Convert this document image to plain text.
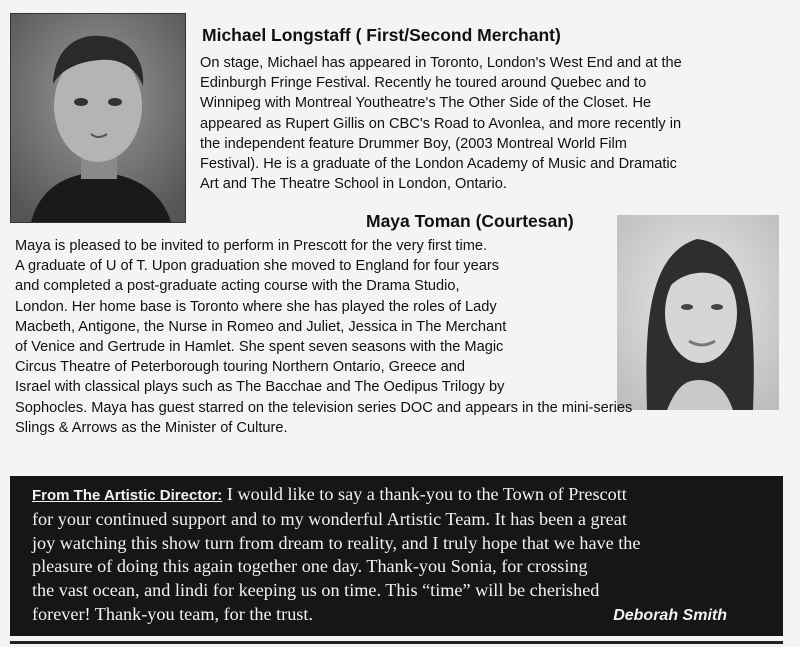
Michael Longstaff ( First/Second Merchant)
On stage, Michael has appeared in Toronto, London's West End and at the
Edinburgh Fringe Festival. Recently he toured around Quebec and to
Winnipeg with Montreal Youtheatre's The Other Side of the Closet. He
appeared as Rupert Gillis on CBC's Road to Avonlea, and more recently in
the independent feature Drummer Boy, (2003 Montreal World Film
Festival). He is a graduate of the London Academy of Music and Dramatic
Art and The Theatre School in London, Ontario.
Maya Toman (Courtesan)
Maya is pleased to be invited to perform in Prescott for the very first time.
A graduate of U of T. Upon graduation she moved to England for four years
and completed a post-graduate acting course with the Drama Studio,
London. Her home base is Toronto where she has played the roles of Lady
Macbeth, Antigone, the Nurse in Romeo and Juliet, Jessica in The Merchant
of Venice and Gertrude in Hamlet. She spent seven seasons with the Magic
Circus Theatre of Peterborough touring Northern Ontario, Greece and
Israel with classical plays such as The Bacchae and The Oedipus Trilogy by
Sophocles. Maya has guest starred on the television series DOC and appears in the mini-series
Slings & Arrows as the Minister of Culture.
From The Artistic Director: I would like to say a thank-you to the Town of Prescott
for your continued support and to my wonderful Artistic Team. It has been a great
joy watching this show turn from dream to reality, and I truly hope that we have the
pleasure of doing this again together one day. Thank-you Sonia, for crossing
the vast ocean, and lindi for keeping us on time. This “time” will be cherished
forever! Thank-you team, for the trust.	Deborah Smith
